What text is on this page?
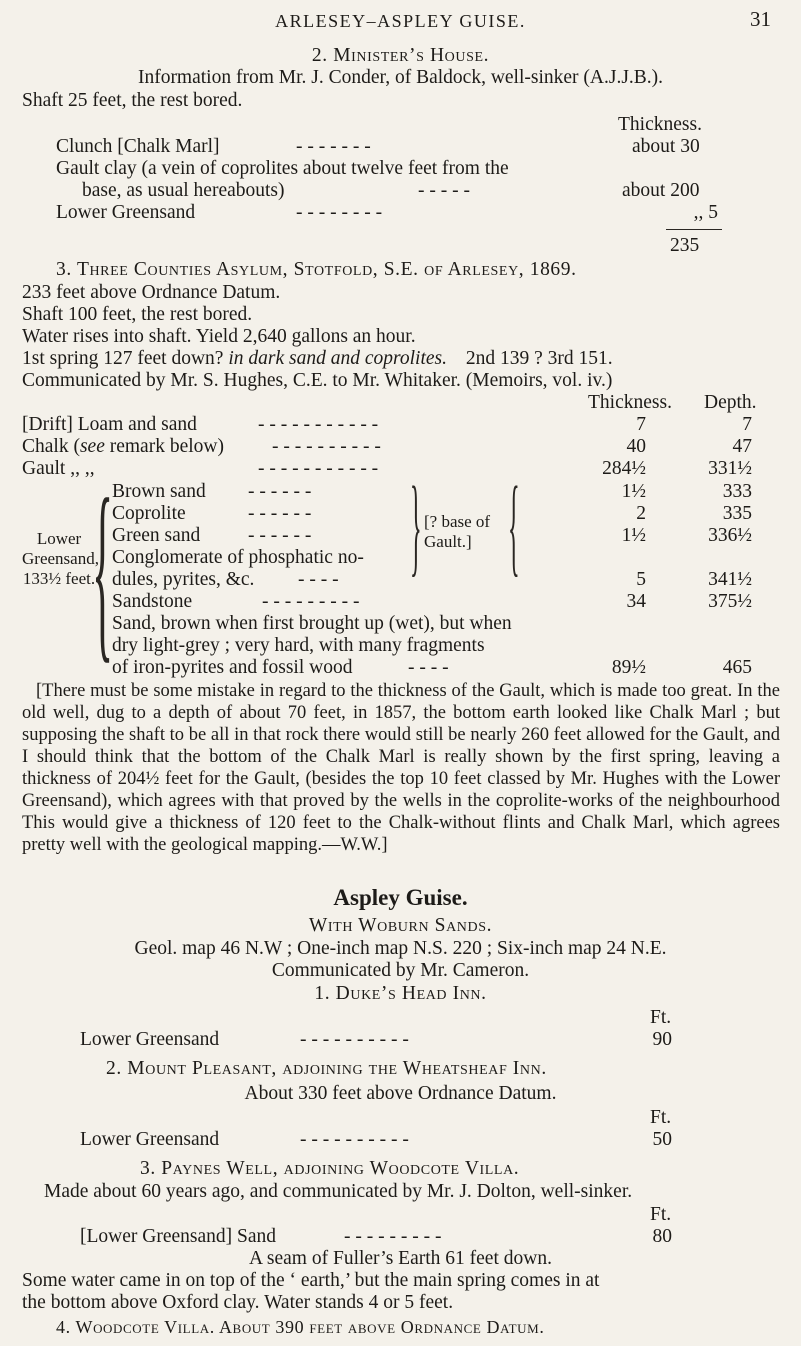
ARLESEY–ASPLEY GUISE.	31
2. Minister’s House.
Information from Mr. J. Conder, of Baldock, well-sinker (A.J.J.B.).
Shaft 25 feet, the rest bored.
Thickness.
Clunch [Chalk Marl]	- - - - - - -	about 30
Gault clay (a vein of coprolites about twelve feet from the
base, as usual hereabouts)	- - - - -	about 200
Lower Greensand	- - - - - - - -	,, 5
235
3. Three Counties Asylum, Stotfold, S.E. of Arlesey, 1869.
233 feet above Ordnance Datum.
Shaft 100 feet, the rest bored.
Water rises into shaft. Yield 2,640 gallons an hour.
1st spring 127 feet down? in dark sand and coprolites. 2nd 139 ? 3rd 151.
Communicated by Mr. S. Hughes, C.E. to Mr. Whitaker. (Memoirs, vol. iv.)
Thickness. Depth.
[Drift] Loam and sand	- - - - - - - - - - -	7	7
Chalk (see remark below) - - - - - - - - - -	40	47
Gault ,, ,,	- - - - - - - - - - -	284½	331½
Lower Greensand, 133½ feet.
{
Brown sand - - - - - -	1½	333
Coprolite	- - - - - -	2	335
Green sand - - - - - -	1½	336½
Conglomerate of phosphatic no-
dules, pyrites, &c. - - - -	5	341½
} [? base of Gault.] {
Sandstone	- - - - - - - - -	34	375½
Sand, brown when first brought up (wet), but when
dry light-grey ; very hard, with many fragments
of iron-pyrites and fossil wood	- - - -	89½	465
[There must be some mistake in regard to the thickness of the Gault, which is made too great. In the old well, dug to a depth of about 70 feet, in 1857, the bottom earth looked like Chalk Marl ; but supposing the shaft to be all in that rock there would still be nearly 260 feet allowed for the Gault, and I should think that the bottom of the Chalk Marl is really shown by the first spring, leaving a thickness of 204½ feet for the Gault, (besides the top 10 feet classed by Mr. Hughes with the Lower Greensand), which agrees with that proved by the wells in the coprolite-works of the neighbourhood This would give a thickness of 120 feet to the Chalk-without flints and Chalk Marl, which agrees pretty well with the geological mapping.—W.W.]
Aspley Guise.
With Woburn Sands.
Geol. map 46 N.W ; One-inch map N.S. 220 ; Six-inch map 24 N.E.
Communicated by Mr. Cameron.
1. Duke’s Head Inn.
Ft.
Lower Greensand	- - - - - - - - - -	90
2. Mount Pleasant, adjoining the Wheatsheaf Inn.
About 330 feet above Ordnance Datum.
Ft.
Lower Greensand	- - - - - - - - - -	50
3. Paynes Well, adjoining Woodcote Villa.
Made about 60 years ago, and communicated by Mr. J. Dolton, well-sinker.
Ft.
[Lower Greensand] Sand	- - - - - - - - -	80
A seam of Fuller’s Earth 61 feet down.
Some water came in on top of the ‘ earth,’ but the main spring comes in at
the bottom above Oxford clay. Water stands 4 or 5 feet.
4. Woodcote Villa. About 390 feet above Ordnance Datum.
